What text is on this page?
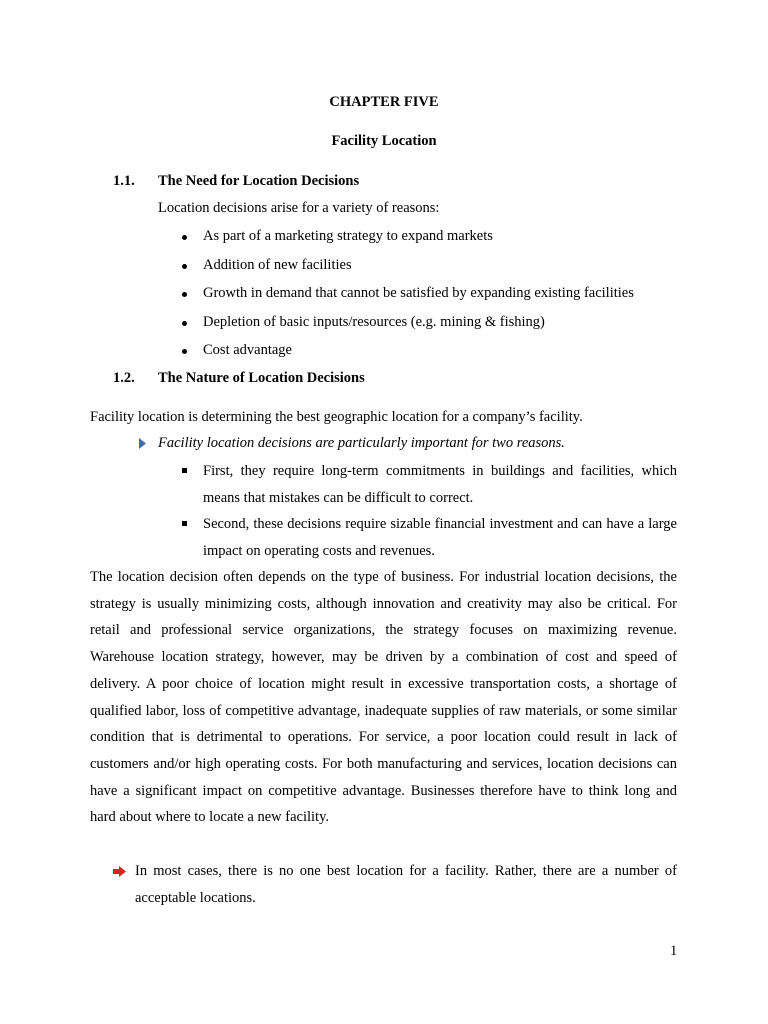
CHAPTER FIVE
Facility Location
1.1. The Need for Location Decisions
Location decisions arise for a variety of reasons:
As part of a marketing strategy to expand markets
Addition of new facilities
Growth in demand that cannot be satisfied by expanding existing facilities
Depletion of basic inputs/resources (e.g. mining & fishing)
Cost advantage
1.2. The Nature of Location Decisions
Facility location is determining the best geographic location for a company’s facility.
Facility location decisions are particularly important for two reasons.
First, they require long-term commitments in buildings and facilities, which means that mistakes can be difficult to correct.
Second, these decisions require sizable financial investment and can have a large impact on operating costs and revenues.
The location decision often depends on the type of business. For industrial location decisions, the strategy is usually minimizing costs, although innovation and creativity may also be critical. For retail and professional service organizations, the strategy focuses on maximizing revenue. Warehouse location strategy, however, may be driven by a combination of cost and speed of delivery. A poor choice of location might result in excessive transportation costs, a shortage of qualified labor, loss of competitive advantage, inadequate supplies of raw materials, or some similar condition that is detrimental to operations. For service, a poor location could result in lack of customers and/or high operating costs. For both manufacturing and services, location decisions can have a significant impact on competitive advantage. Businesses therefore have to think long and hard about where to locate a new facility.
In most cases, there is no one best location for a facility. Rather, there are a number of acceptable locations.
1
